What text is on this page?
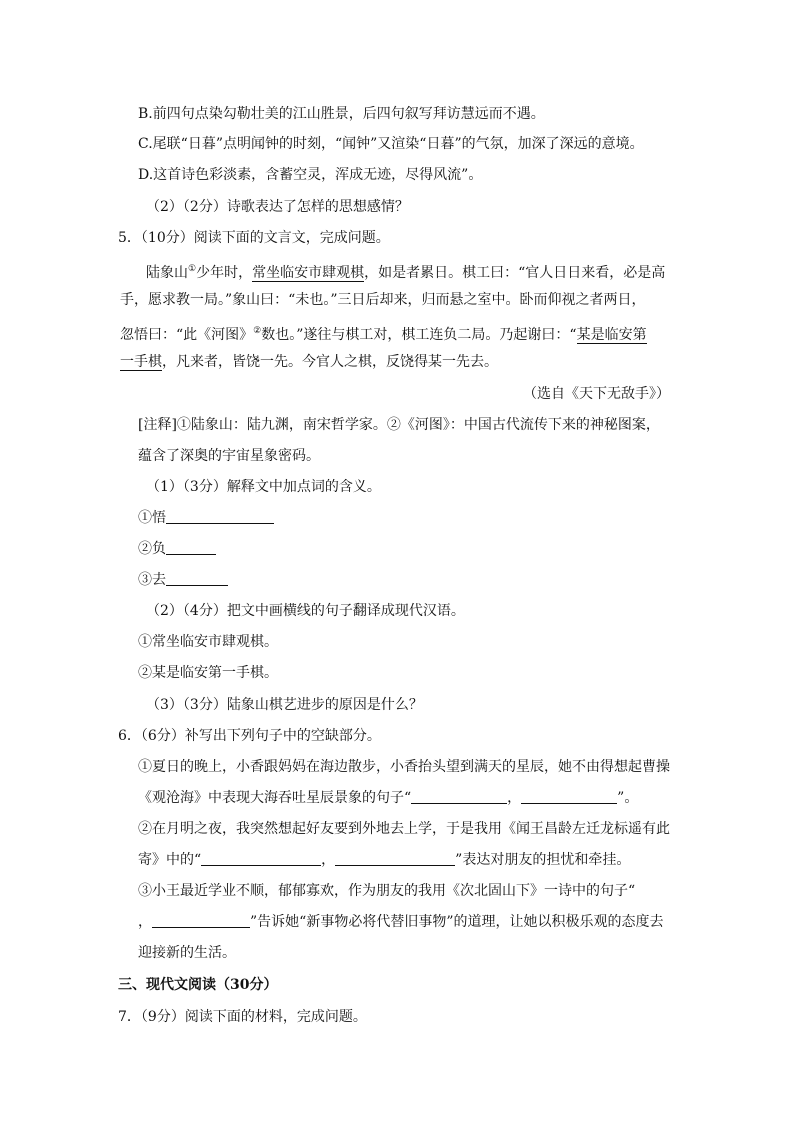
B.前四句点染勾勒壮美的江山胜景，后四句叙写拜访慧远而不遇。
C.尾联“日暮”点明闻钟的时刻，“闻钟”又渲染“日暮”的气氛，加深了深远的意境。
D.这首诗色彩淡素，含蓄空灵，浑成无迹，尽得风流”。
（2）（2分）诗歌表达了怎样的思想感情？
5．（10分）阅读下面的文言文，完成问题。
陆象山①少年时，常坐临安市肆观棋，如是者累日。棋工曰：“官人日日来看，必是高
手，愿求教一局。”象山曰：“未也。”三日后却来，归而悬之室中。卧而仰视之者两日，
忽悟曰：“此《河图》②数也。”遂往与棋工对，棋工连负二局。乃起谢曰：“某是临安第
一手棋，凡来者，皆饶一先。今官人之棋，反饶得某一先去。
（选自《天下无敌手》）
[注释]①陆象山：陆九渊，南宋哲学家。②《河图》：中国古代流传下来的神秘图案，
蕴含了深奥的宇宙星象密码。
（1）（3分）解释文中加点词的含义。
①悟
②负
③去
（2）（4分）把文中画横线的句子翻译成现代汉语。
①常坐临安市肆观棋。
②某是临安第一手棋。
（3）（3分）陆象山棋艺进步的原因是什么？
6．（6分）补写出下列句子中的空缺部分。
①夏日的晚上，小香跟妈妈在海边散步，小香抬头望到满天的星辰，她不由得想起曹操
《观沧海》中表现大海吞吐星辰景象的句子“	，	”。
②在月明之夜，我突然想起好友要到外地去上学，于是我用《闻王昌龄左迁龙标遥有此
寄》中的“	，	”表达对朋友的担忧和牵挂。
③小王最近学业不顺，郁郁寡欢，作为朋友的我用《次北固山下》一诗中的句子“
，	”告诉她“新事物必将代替旧事物”的道理，让她以积极乐观的态度去
迎接新的生活。
三、现代文阅读（30分）
7．（9分）阅读下面的材料，完成问题。
